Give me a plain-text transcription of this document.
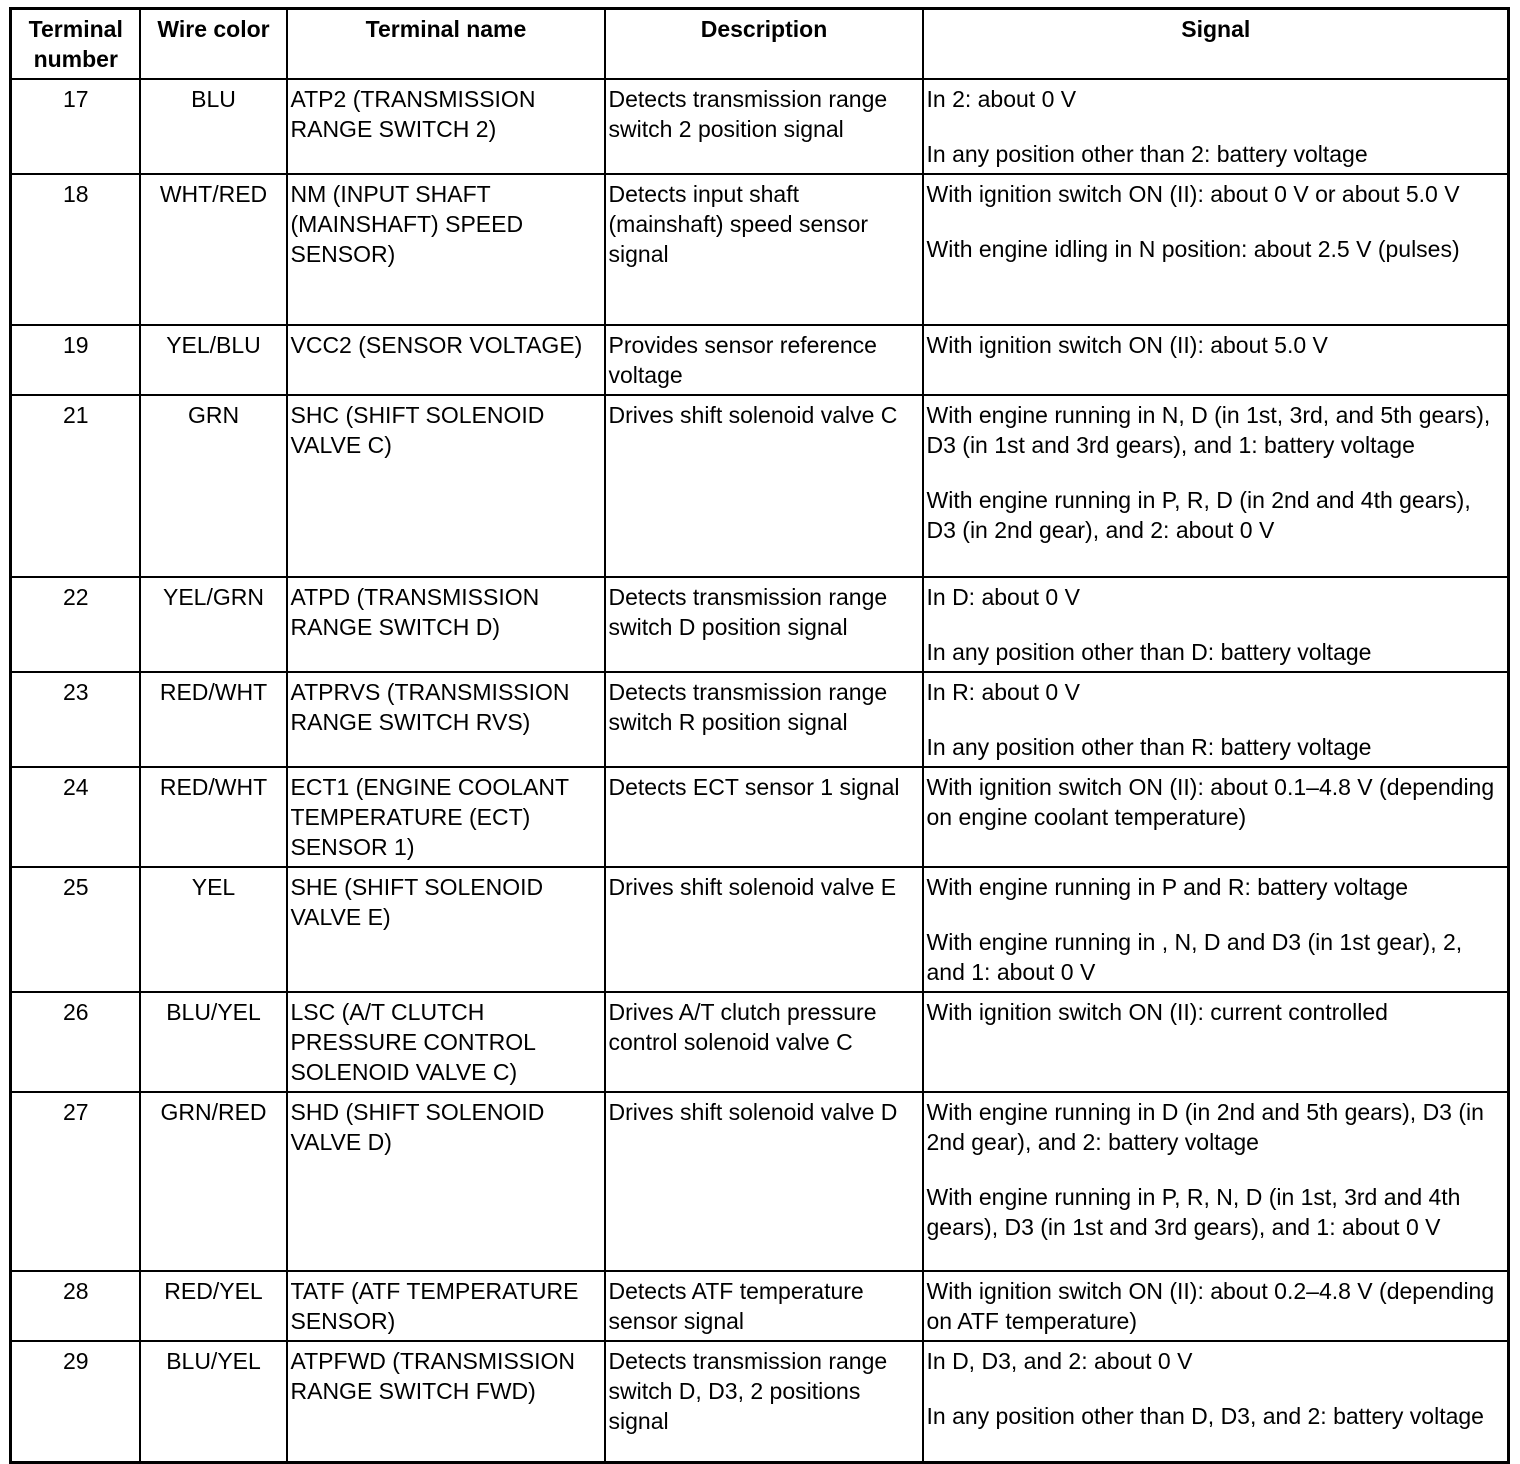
Terminal number	Wire color	Terminal name	Description	Signal
17	BLU	ATP2 (TRANSMISSION RANGE SWITCH 2)	Detects transmission range switch 2 position signal	In 2: about 0 V

In any position other than 2: battery voltage

18	WHT/RED	NM (INPUT SHAFT (MAINSHAFT) SPEED SENSOR)	Detects input shaft (mainshaft) speed sensor signal	With ignition switch ON (II): about 0 V or about 5.0 V

With engine idling in N position: about 2.5 V (pulses)

19	YEL/BLU	VCC2 (SENSOR VOLTAGE)	Provides sensor reference voltage	With ignition switch ON (II): about 5.0 V

21	GRN	SHC (SHIFT SOLENOID VALVE C)	Drives shift solenoid valve C	With engine running in N, D (in 1st, 3rd, and 5th gears), D3 (in 1st and 3rd gears), and 1: battery voltage

With engine running in P, R, D (in 2nd and 4th gears), D3 (in 2nd gear), and 2: about 0 V

22	YEL/GRN	ATPD (TRANSMISSION RANGE SWITCH D)	Detects transmission range switch D position signal	In D: about 0 V

In any position other than D: battery voltage

23	RED/WHT	ATPRVS (TRANSMISSION RANGE SWITCH RVS)	Detects transmission range switch R position signal	In R: about 0 V

In any position other than R: battery voltage

24	RED/WHT	ECT1 (ENGINE COOLANT TEMPERATURE (ECT) SENSOR 1)	Detects ECT sensor 1 signal	With ignition switch ON (II): about 0.1–4.8 V (depending on engine coolant temperature)

25	YEL	SHE (SHIFT SOLENOID VALVE E)	Drives shift solenoid valve E	With engine running in P and R: battery voltage

With engine running in , N, D and D3 (in 1st gear), 2, and 1: about 0 V

26	BLU/YEL	LSC (A/T CLUTCH PRESSURE CONTROL SOLENOID VALVE C)	Drives A/T clutch pressure control solenoid valve C	With ignition switch ON (II): current controlled

27	GRN/RED	SHD (SHIFT SOLENOID VALVE D)	Drives shift solenoid valve D	With engine running in D (in 2nd and 5th gears), D3 (in 2nd gear), and 2: battery voltage

With engine running in P, R, N, D (in 1st, 3rd and 4th gears), D3 (in 1st and 3rd gears), and 1: about 0 V

28	RED/YEL	TATF (ATF TEMPERATURE SENSOR)	Detects ATF temperature sensor signal	With ignition switch ON (II): about 0.2–4.8 V (depending on ATF temperature)

29	BLU/YEL	ATPFWD (TRANSMISSION RANGE SWITCH FWD)	Detects transmission range switch D, D3, 2 positions signal	In D, D3, and 2: about 0 V

In any position other than D, D3, and 2: battery voltage
